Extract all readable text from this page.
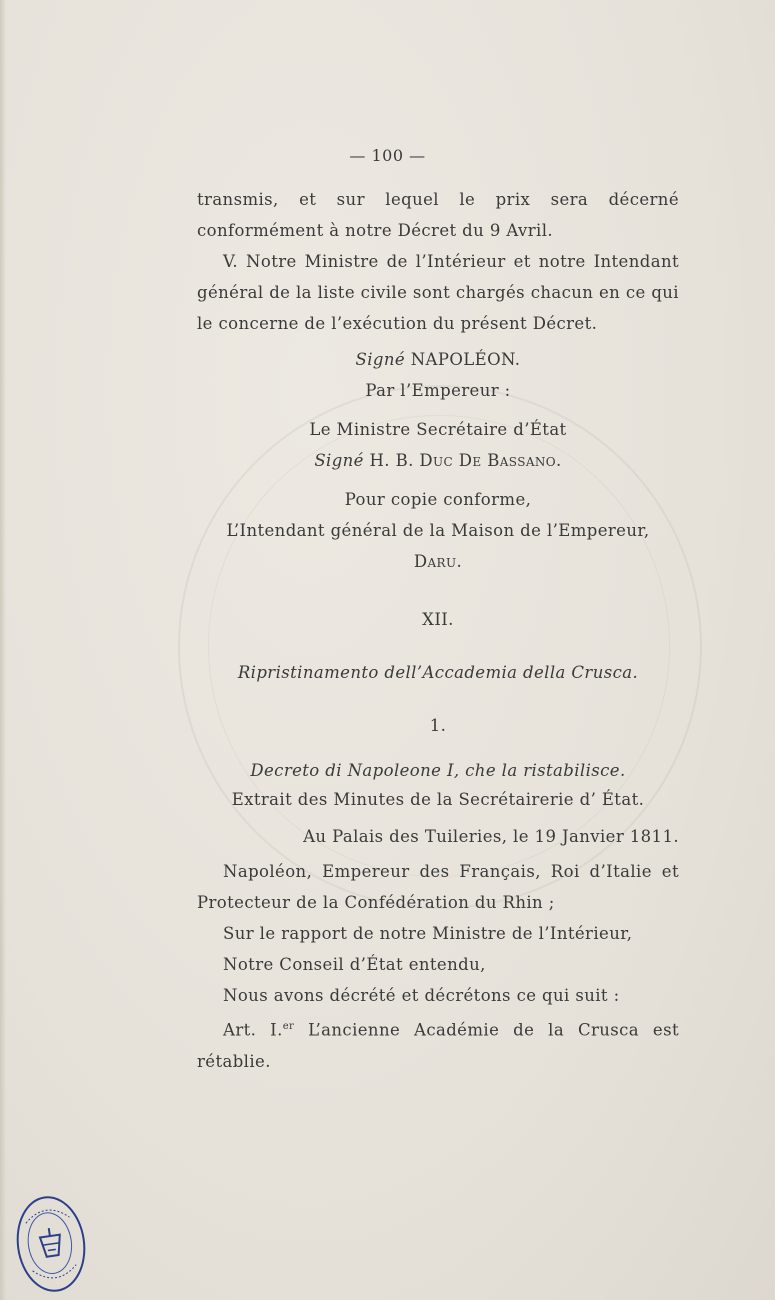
— 100 —

transmis, et sur lequel le prix sera décerné conformément à notre Décret du 9 Avril.

V. Notre Ministre de l’Intérieur et notre Intendant général de la liste civile sont chargés chacun en ce qui le concerne de l’exécution du présent Décret.

Signé NAPOLÉON.

Par l’Empereur :

Le Ministre Secrétaire d’État

Signé H. B. Duc De Bassano.

Pour copie conforme,

L’Intendant général de la Maison de l’Empereur,

Daru.

XII.

Ripristinamento dell’Accademia della Crusca.

1.

Decreto di Napoleone I, che la ristabilisce.

Extrait des Minutes de la Secrétairerie d’ État.

Au Palais des Tuileries, le 19 Janvier 1811.

Napoléon, Empereur des Français, Roi d’Italie et Protecteur de la Confédération du Rhin ;

Sur le rapport de notre Ministre de l’Intérieur,

Notre Conseil d’État entendu,

Nous avons décrété et décrétons ce qui suit :

Art. I.$^{er}$ L’ancienne Académie de la Crusca est rétablie.
